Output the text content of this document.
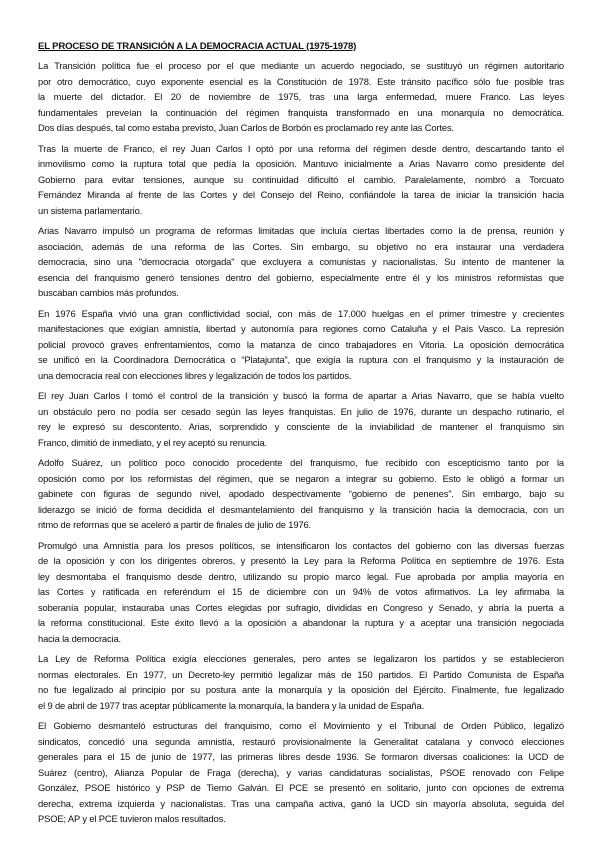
EL PROCESO DE TRANSICIÓN A LA DEMOCRACIA ACTUAL (1975-1978)
La Transición política fue el proceso por el que mediante un acuerdo negociado, se sustituyó un régimen autoritario
por otro democrático, cuyo exponente esencial es la Constitución de 1978. Este tránsito pacífico sólo fue posible tras
la muerte del dictador. El 20 de noviembre de 1975, tras una larga enfermedad, muere Franco. Las leyes
fundamentales preveían la continuación del régimen franquista transformado en una monarquía no democrática.
Dos días después, tal como estaba previsto, Juan Carlos de Borbón es proclamado rey ante las Cortes.
Tras la muerte de Franco, el rey Juan Carlos I optó por una reforma del régimen desde dentro, descartando tanto el
inmovilismo como la ruptura total que pedía la oposición. Mantuvo inicialmente a Arias Navarro como presidente del
Gobierno para evitar tensiones, aunque su continuidad dificultó el cambio. Paralelamente, nombró a Torcuato
Fernández Miranda al frente de las Cortes y del Consejo del Reino, confiándole la tarea de iniciar la transición hacia
un sistema parlamentario.
Arias Navarro impulsó un programa de reformas limitadas que incluía ciertas libertades como la de prensa, reunión y
asociación, además de una reforma de las Cortes. Sin embargo, su objetivo no era instaurar una verdadera
democracia, sino una "democracia otorgada" que excluyera a comunistas y nacionalistas. Su intento de mantener la
esencia del franquismo generó tensiones dentro del gobierno, especialmente entre él y los ministros reformistas que
buscaban cambios más profundos.
En 1976 España vivió una gran conflictividad social, con más de 17.000 huelgas en el primer trimestre y crecientes
manifestaciones que exigían amnistía, libertad y autonomía para regiones como Cataluña y el País Vasco. La represión
policial provocó graves enfrentamientos, como la matanza de cinco trabajadores en Vitoria. La oposición democrática
se unificó en la Coordinadora Democrática o “Platajunta”, que exigía la ruptura con el franquismo y la instauración de
una democracia real con elecciones libres y legalización de todos los partidos.
El rey Juan Carlos I tomó el control de la transición y buscó la forma de apartar a Arias Navarro, que se había vuelto
un obstáculo pero no podía ser cesado según las leyes franquistas. En julio de 1976, durante un despacho rutinario, el
rey le expresó su descontento. Arias, sorprendido y consciente de la inviabilidad de mantener el franquismo sin
Franco, dimitió de inmediato, y el rey aceptó su renuncia.
Adolfo Suárez, un político poco conocido procedente del franquismo, fue recibido con escepticismo tanto por la
oposición como por los reformistas del régimen, que se negaron a integrar su gobierno. Esto le obligó a formar un
gabinete con figuras de segundo nivel, apodado despectivamente “gobierno de penenes”. Sin embargo, bajo su
liderazgo se inició de forma decidida el desmantelamiento del franquismo y la transición hacia la democracia, con un
ritmo de reformas que se aceleró a partir de finales de julio de 1976.
Promulgó una Amnistía para los presos políticos, se intensificaron los contactos del gobierno con las diversas fuerzas
de la oposición y con los dirigentes obreros, y presentó la Ley para la Reforma Política en septiembre de 1976. Esta
ley desmontaba el franquismo desde dentro, utilizando su propio marco legal. Fue aprobada por amplia mayoría en
las Cortes y ratificada en referéndum el 15 de diciembre con un 94% de votos afirmativos. La ley afirmaba la
soberanía popular, instauraba unas Cortes elegidas por sufragio, divididas en Congreso y Senado, y abría la puerta a
la reforma constitucional. Este éxito llevó a la oposición a abandonar la ruptura y a aceptar una transición negociada
hacia la democracia.
La Ley de Reforma Política exigía elecciones generales, pero antes se legalizaron los partidos y se establecieron
normas electorales. En 1977, un Decreto-ley permitió legalizar más de 150 partidos. El Partido Comunista de España
no fue legalizado al principio por su postura ante la monarquía y la oposición del Ejército. Finalmente, fue legalizado
el 9 de abril de 1977 tras aceptar públicamente la monarquía, la bandera y la unidad de España.
El Gobierno desmanteló estructuras del franquismo, como el Movimiento y el Tribunal de Orden Público, legalizó
sindicatos, concedió una segunda amnistía, restauró provisionalmente la Generalitat catalana y convocó elecciones
generales para el 15 de junio de 1977, las primeras libres desde 1936. Se formaron diversas coaliciones: la UCD de
Suárez (centro), Alianza Popular de Fraga (derecha), y varias candidaturas socialistas, PSOE renovado con Felipe
González, PSOE histórico y PSP de Tierno Galván. El PCE se presentó en solitario, junto con opciones de extrema
derecha, extrema izquierda y nacionalistas. Tras una campaña activa, ganó la UCD sin mayoría absoluta, seguida del
PSOE; AP y el PCE tuvieron malos resultados.
